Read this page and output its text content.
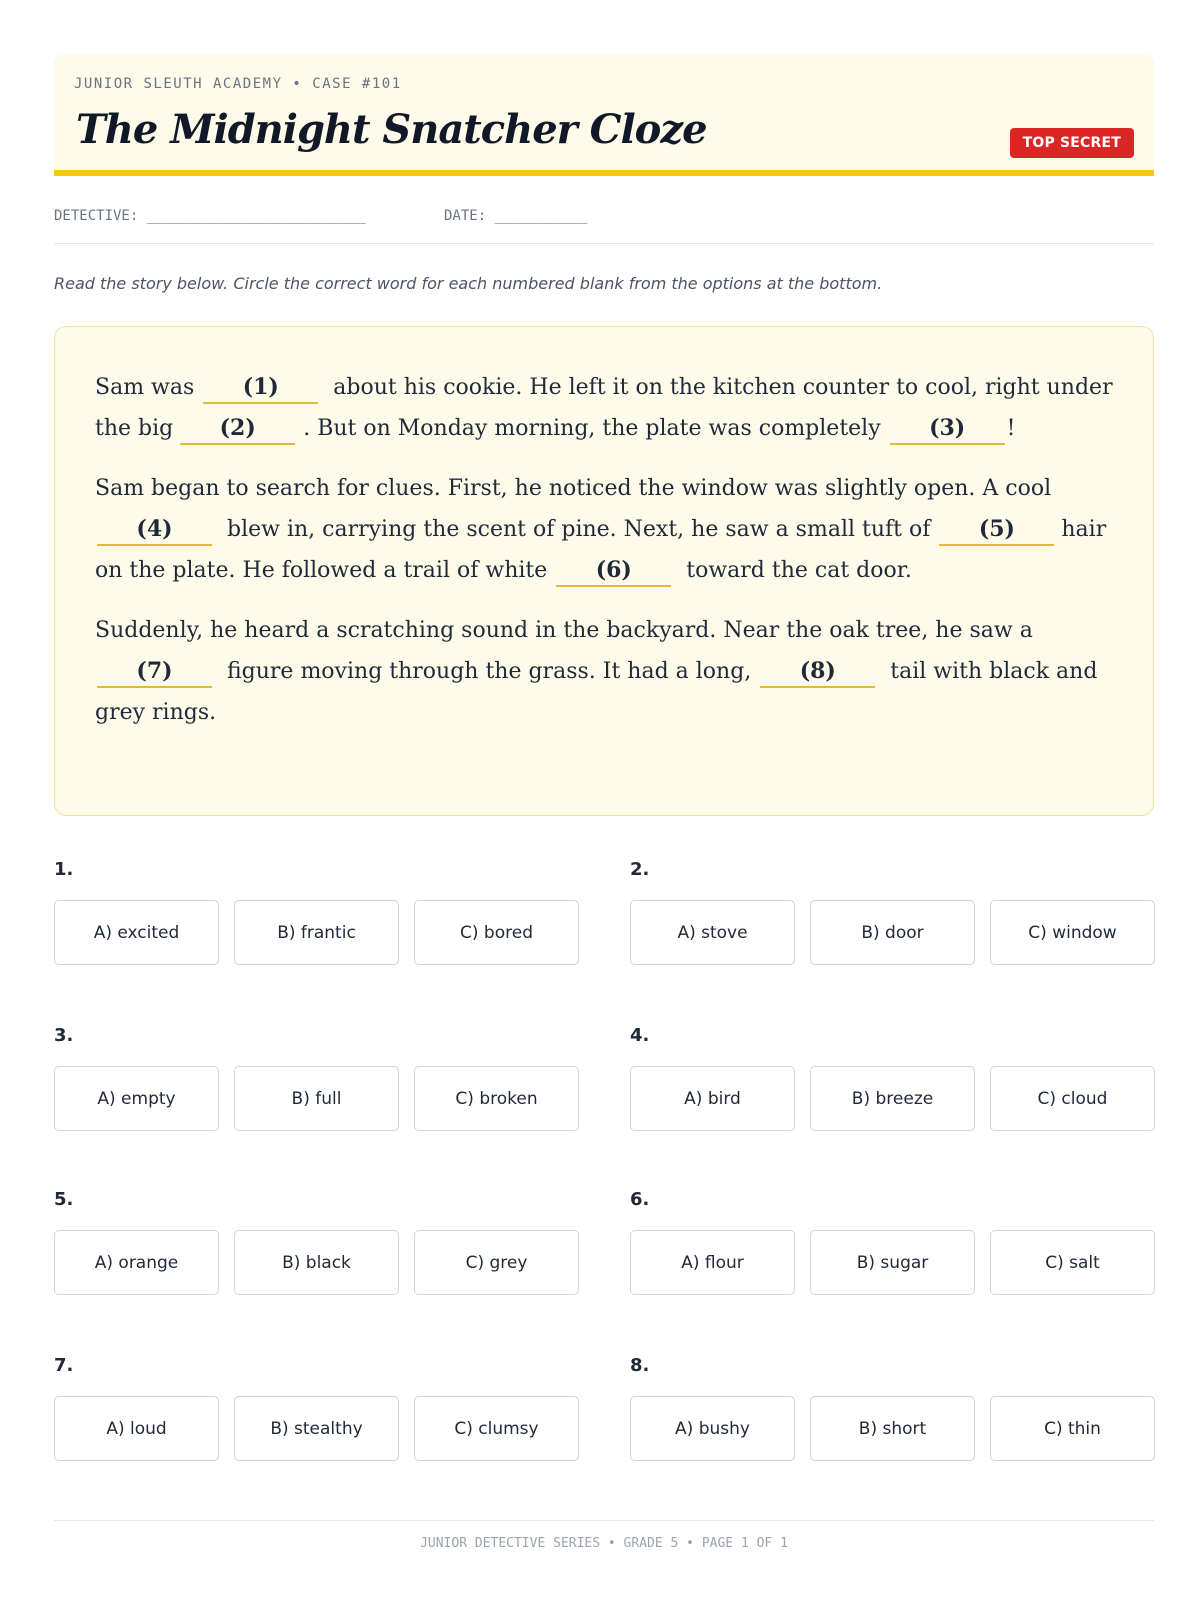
JUNIOR SLEUTH ACADEMY • CASE #101
The Midnight Snatcher Cloze	TOP SECRET
DETECTIVE: __________________________	DATE: ___________
Read the story below. Circle the correct word for each numbered blank from the options at the bottom.

Sam was (1) about his cookie. He left it on the kitchen counter to cool, right under the big (2) . But on Monday morning, the plate was completely (3) !

Sam began to search for clues. First, he noticed the window was slightly open. A cool (4) blew in, carrying the scent of pine. Next, he saw a small tuft of (5) hair on the plate. He followed a trail of white (6) toward the cat door.

Suddenly, he heard a scratching sound in the backyard. Near the oak tree, he saw a (7) figure moving through the grass. It had a long, (8) tail with black and grey rings.

1.
A) excited	B) frantic	C) bored
2.
A) stove	B) door	C) window
3.
A) empty	B) full	C) broken
4.
A) bird	B) breeze	C) cloud
5.
A) orange	B) black	C) grey
6.
A) flour	B) sugar	C) salt
7.
A) loud	B) stealthy	C) clumsy
8.
A) bushy	B) short	C) thin
JUNIOR DETECTIVE SERIES • GRADE 5 • PAGE 1 OF 1
